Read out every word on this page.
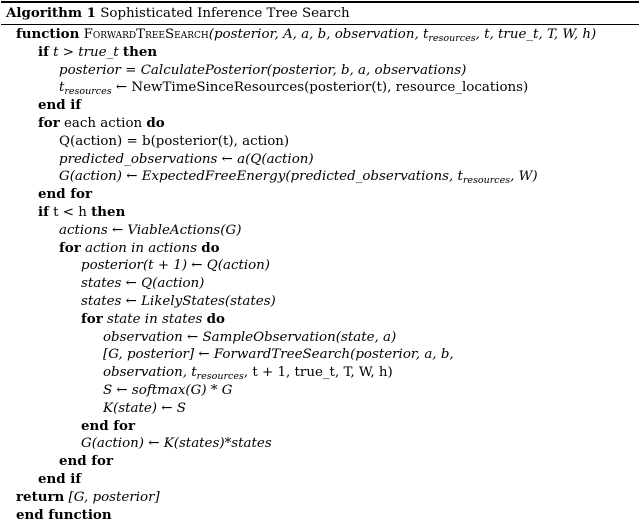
Algorithm 1 Sophisticated Inference Tree Search
function ForwardTreeSearch(posterior, A, a, b, observation, $t_{resources}$, t, true_t, T, W, h)
if t > true_t then
posterior = CalculatePosterior(posterior, b, a, observations)
$t_{resources}$ ← NewTimeSinceResources(posterior(t), resource_locations)
end if
for each action do
Q(action) = b(posterior(t), action)
predicted_observations ← a(Q(action)
G(action) ← ExpectedFreeEnergy(predicted_observations, $t_{resources}$, W)
end for
if t < h then
actions ← ViableActions(G)
for action in actions do
posterior(t + 1) ← Q(action)
states ← Q(action)
states ← LikelyStates(states)
for state in states do
observation ← SampleObservation(state, a)
[G, posterior] ← ForwardTreeSearch(posterior, a, b,
observation, $t_{resources}$, t + 1, true_t, T, W, h)
S ← softmax(G) * G
K(state) ← S
end for
G(action) ← K(states)*states
end for
end if
return [G, posterior]
end function
